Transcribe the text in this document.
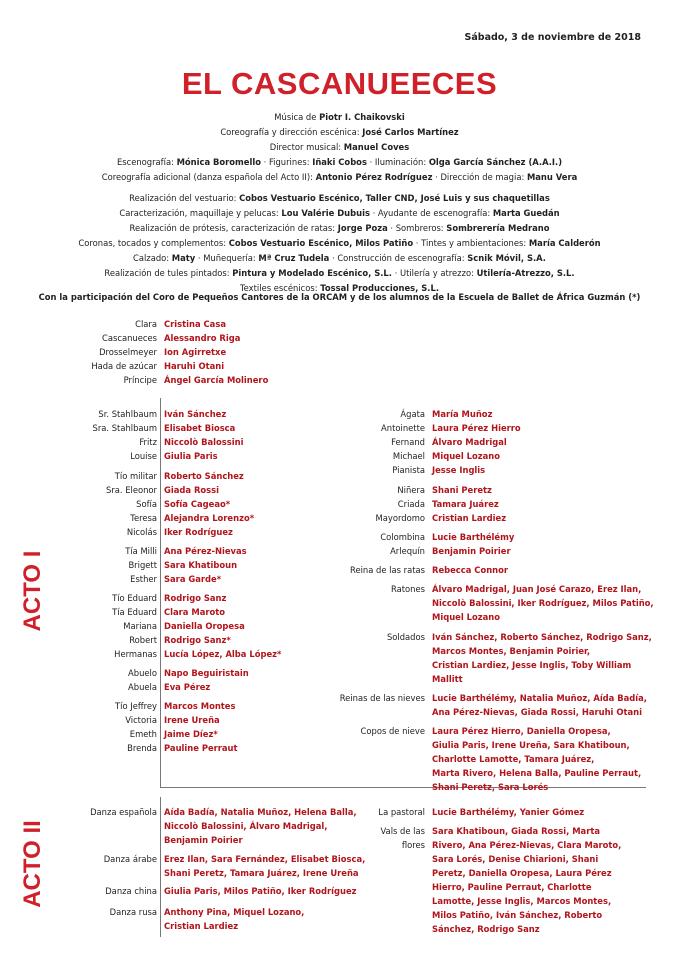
Sábado, 3 de noviembre de 2018
EL CASCANUEECES
Música de Piotr I. Chaikovski
Coreografía y dirección escénica: José Carlos Martínez
Director musical: Manuel Coves
Escenografía: Mónica Boromello · Figurines: Iñaki Cobos · Iluminación: Olga García Sánchez (A.A.I.)
Coreografía adicional (danza española del Acto II): Antonio Pérez Rodríguez · Dirección de magia: Manu Vera
Realización del vestuario: Cobos Vestuario Escénico, Taller CND, José Luis y sus chaquetillas
Caracterización, maquillaje y pelucas: Lou Valérie Dubuis · Ayudante de escenografía: Marta Guedán
Realización de prótesis, caracterización de ratas: Jorge Poza · Sombreros: Sombrerería Medrano
Coronas, tocados y complementos: Cobos Vestuario Escénico, Milos Patiño · Tintes y ambientaciones: María Calderón
Calzado: Maty · Muñequería: Mª Cruz Tudela · Construcción de escenografía: Scnik Móvil, S.A.
Realización de tules pintados: Pintura y Modelado Escénico, S.L. · Utilería y atrezzo: Utilería-Atrezzo, S.L.
Textiles escénicos: Tossal Producciones, S.L.
Con la participación del Coro de Pequeños Cantores de la ORCAM y de los alumnos de la Escuela de Ballet de África Guzmán (*)
Clara Cristina Casa
Cascanueces Alessandro Riga
Drosselmeyer Ion Agirretxe
Hada de azúcar Haruhi Otani
Príncipe Ángel García Molinero
ACTO I
ACTO II
Sr. Stahlbaum Iván Sánchez
Sra. Stahlbaum Elisabet Biosca
Fritz Niccolò Balossini
Louise Giulia Paris
Tío militar Roberto Sánchez
Sra. Eleonor Giada Rossi
Sofía Sofía Cageao*
Teresa Alejandra Lorenzo*
Nicolás Iker Rodríguez
Tía Milli Ana Pérez-Nievas
Brigett Sara Khatiboun
Esther Sara Garde*
Tío Eduard Rodrigo Sanz
Tía Eduard Clara Maroto
Mariana Daniella Oropesa
Robert Rodrigo Sanz*
Hermanas Lucía López, Alba López*
Abuelo Napo Beguiristain
Abuela Eva Pérez
Tío Jeffrey Marcos Montes
Victoria Irene Ureña
Emeth Jaime Díez*
Brenda Pauline Perraut
Ágata María Muñoz
Antoinette Laura Pérez Hierro
Fernand Álvaro Madrigal
Michael Miquel Lozano
Pianista Jesse Inglis
Niñera Shani Peretz
Criada Tamara Juárez
Mayordomo Cristian Lardiez
Colombina Lucie Barthélémy
Arlequín Benjamin Poirier
Reina de las ratas Rebecca Connor
Ratones Álvaro Madrigal, Juan José Carazo, Erez Ilan,
Niccolò Balossini, Iker Rodríguez, Milos Patiño,
Miquel Lozano
Soldados Iván Sánchez, Roberto Sánchez, Rodrigo Sanz,
Marcos Montes, Benjamin Poirier,
Cristian Lardiez, Jesse Inglis, Toby William
Mallitt
Reinas de las nieves Lucie Barthélémy, Natalia Muñoz, Aída Badía,
Ana Pérez-Nievas, Giada Rossi, Haruhi Otani
Copos de nieve Laura Pérez Hierro, Daniella Oropesa,
Giulia Paris, Irene Ureña, Sara Khatiboun,
Charlotte Lamotte, Tamara Juárez,
Marta Rivero, Helena Balla, Pauline Perraut,
Shani Peretz, Sara Lorés
Danza española Aída Badía, Natalia Muñoz, Helena Balla,
Niccolò Balossini, Álvaro Madrigal,
Benjamin Poirier
Danza árabe Erez Ilan, Sara Fernández, Elisabet Biosca,
Shani Peretz, Tamara Juárez, Irene Ureña
Danza china Giulia Paris, Milos Patiño, Iker Rodríguez
Danza rusa Anthony Pina, Miquel Lozano,
Cristian Lardiez
La pastoral Lucie Barthélémy, Yanier Gómez
Vals de las
flores
Sara Khatiboun, Giada Rossi, Marta
Rivero, Ana Pérez-Nievas, Clara Maroto,
Sara Lorés, Denise Chiarioni, Shani
Peretz, Daniella Oropesa, Laura Pérez
Hierro, Pauline Perraut, Charlotte
Lamotte, Jesse Inglis, Marcos Montes,
Milos Patiño, Iván Sánchez, Roberto
Sánchez, Rodrigo Sanz
